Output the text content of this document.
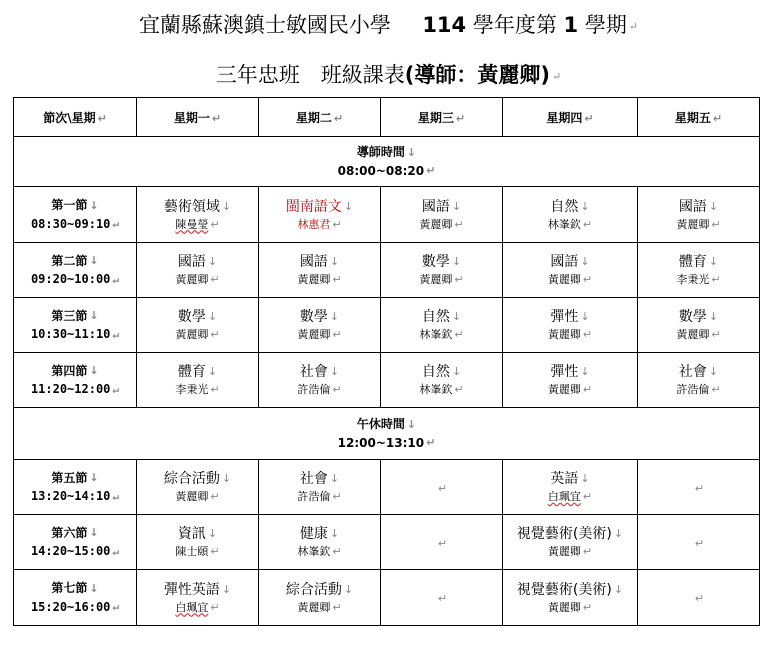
宜蘭縣蘇澳鎮士敏國民小學 114 學年度第 1 學期 ↵
三年忠班　班級課表(導師：黃麗卿) ↵
節次\星期 ↵	星期一 ↵	星期二 ↵	星期三 ↵	星期四 ↵	星期五 ↵

導師時間 ↓
08:00~08:20 ↵					

第一節 ↓
08:30~09:10 ↵	藝術領域 ↓
陳曼瑩 ↵	閩南語文 ↓
林惠君 ↵	國語 ↓
黃麗卿 ↵	自然 ↓
林峯欽 ↵	國語 ↓
黃麗卿 ↵

第二節 ↓
09:20~10:00 ↵	國語 ↓
黃麗卿 ↵	國語 ↓
黃麗卿 ↵	數學 ↓
黃麗卿 ↵	國語 ↓
黃麗卿 ↵	體育 ↓
李秉光 ↵

第三節 ↓
10:30~11:10 ↵	數學 ↓
黃麗卿 ↵	數學 ↓
黃麗卿 ↵	自然 ↓
林峯欽 ↵	彈性 ↓
黃麗卿 ↵	數學 ↓
黃麗卿 ↵

第四節 ↓
11:20~12:00 ↵	體育 ↓
李秉光 ↵	社會 ↓
許浩倫 ↵	自然 ↓
林峯欽 ↵	彈性 ↓
黃麗卿 ↵	社會 ↓
許浩倫 ↵

午休時間 ↓
12:00~13:10 ↵					

第五節 ↓
13:20~14:10 ↵	綜合活動 ↓
黃麗卿 ↵	社會 ↓
許浩倫 ↵	↵	英語 ↓
白珮宜 ↵	↵

第六節 ↓
14:20~15:00 ↵	資訊 ↓
陳士頤 ↵	健康 ↓
林峯欽 ↵	↵	視覺藝術(美術) ↓
黃麗卿 ↵	↵

第七節 ↓
15:20~16:00 ↵	彈性英語 ↓
白珮宜 ↵	綜合活動 ↓
黃麗卿 ↵	↵	視覺藝術(美術) ↓
黃麗卿 ↵	↵
